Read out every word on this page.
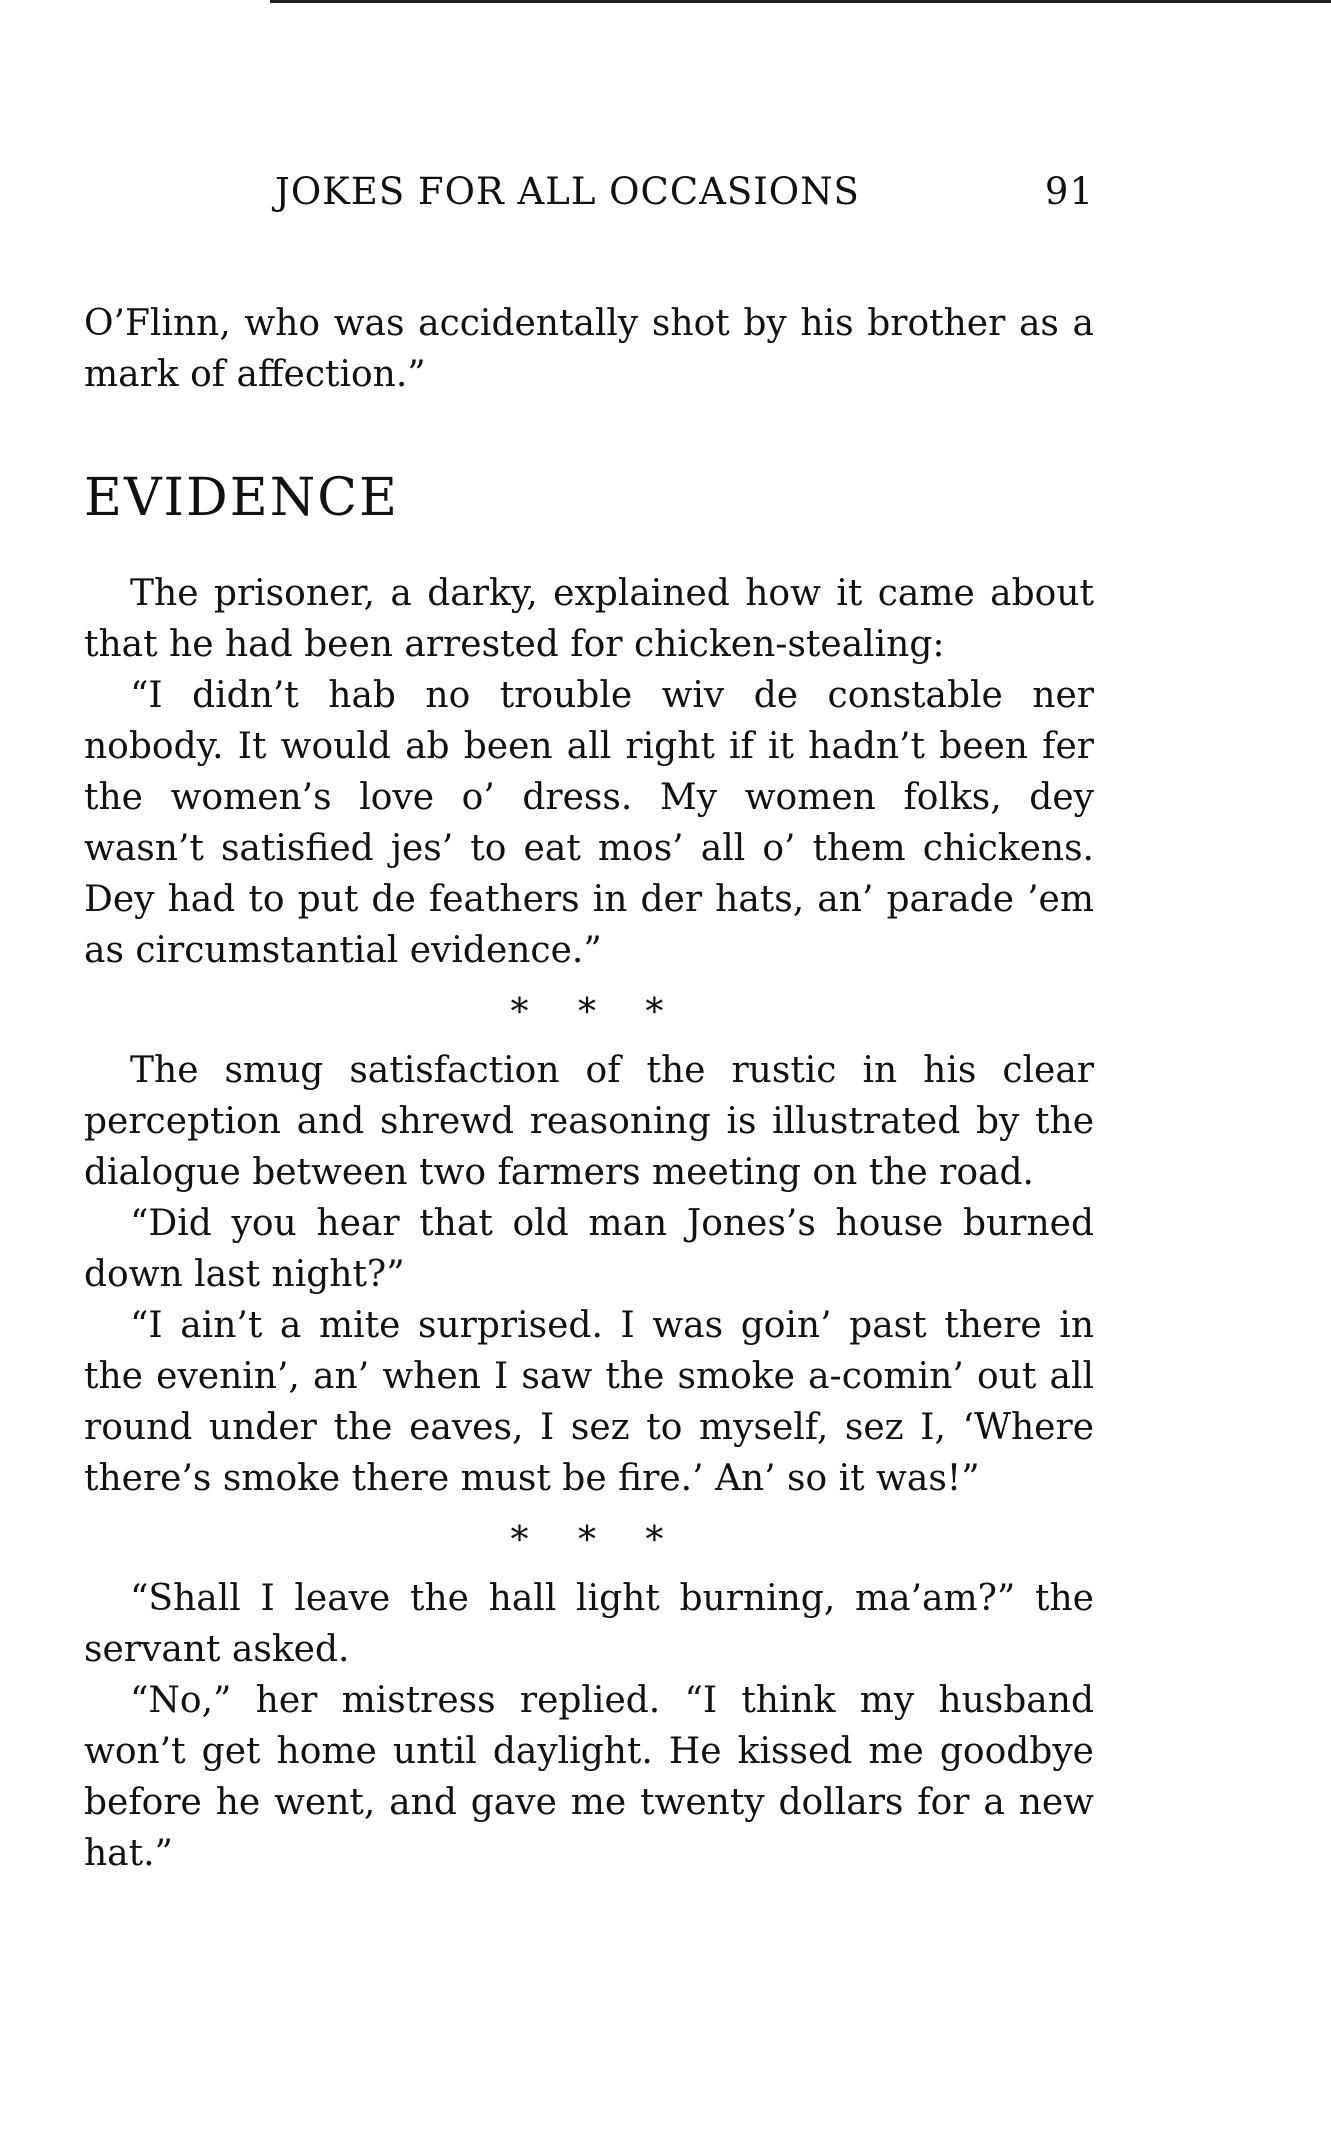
JOKES FOR ALL OCCASIONS	91

O’Flinn, who was accidentally shot by his brother as a mark of affection.”

EVIDENCE

The prisoner, a darky, explained how it came about that he had been arrested for chicken-stealing:

“I didn’t hab no trouble wiv de constable ner nobody. It would ab been all right if it hadn’t been fer the women’s love o’ dress. My women folks, dey wasn’t satisfied jes’ to eat mos’ all o’ them chickens. Dey had to put de feathers in der hats, an’ parade ’em as circumstantial evidence.”

* * *

The smug satisfaction of the rustic in his clear perception and shrewd reasoning is illustrated by the dialogue between two farmers meeting on the road.

“Did you hear that old man Jones’s house burned down last night?”

“I ain’t a mite surprised. I was goin’ past there in the evenin’, an’ when I saw the smoke a-comin’ out all round under the eaves, I sez to myself, sez I, ‘Where there’s smoke there must be fire.’ An’ so it was!”

* * *

“Shall I leave the hall light burning, ma’am?” the servant asked.

“No,” her mistress replied. “I think my husband won’t get home until daylight. He kissed me goodbye before he went, and gave me twenty dollars for a new hat.”
